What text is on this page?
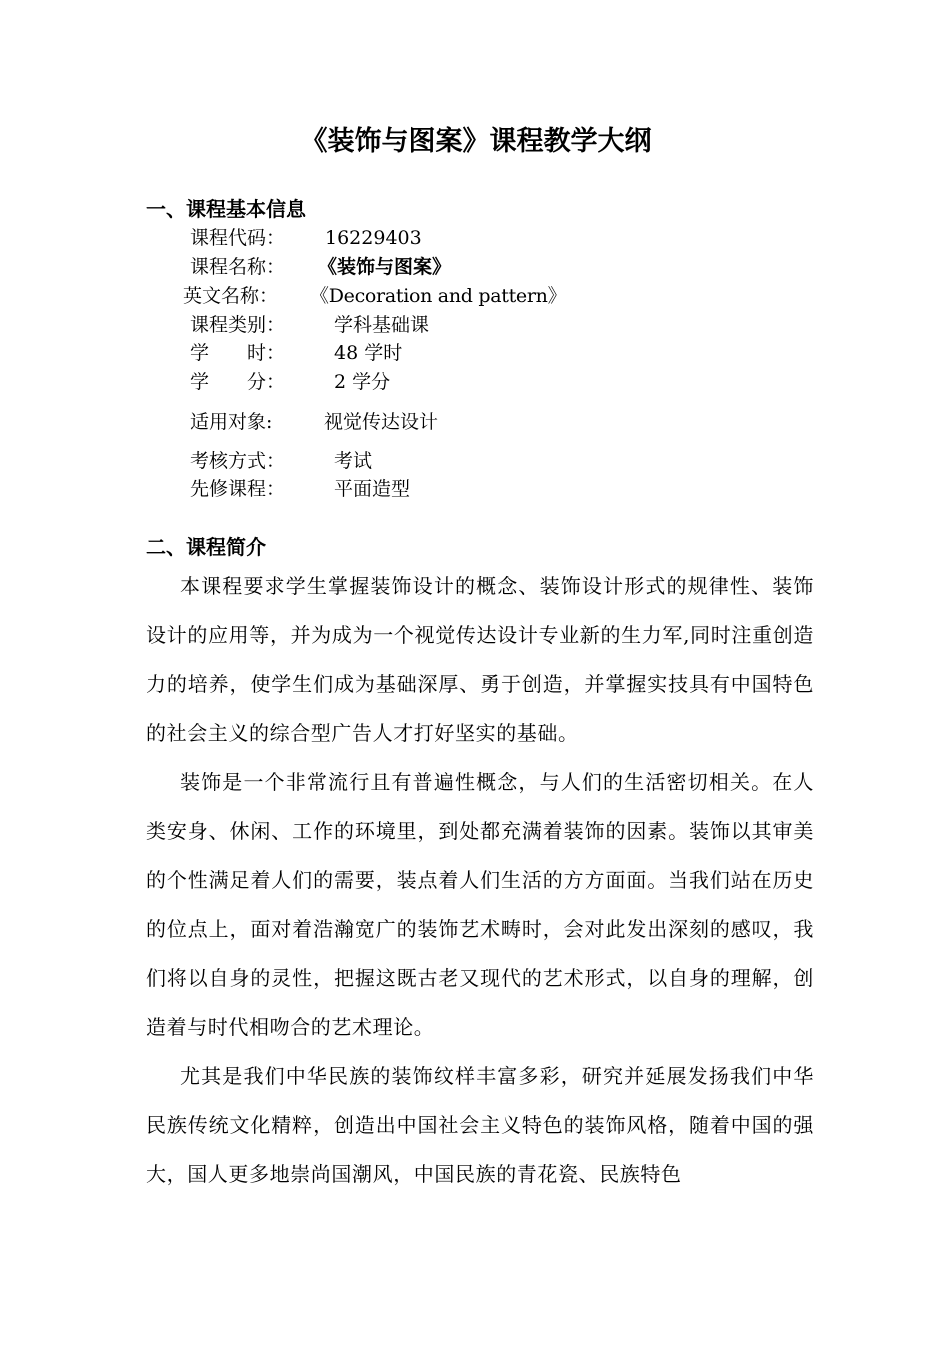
《装饰与图案》课程教学大纲
一、课程基本信息
课程代码： 16229403
课程名称： 《装饰与图案》
英文名称： 《Decoration and pattern》
课程类别：	学科基础课
学　　时：	48 学时
学　　分：	2 学分
适用对象:	视觉传达设计
考核方式：	考试
先修课程：	平面造型
二、课程简介

本课程要求学生掌握装饰设计的概念、装饰设计形式的规律性、装饰设计的应用等，并为成为一个视觉传达设计专业新的生力军,同时注重创造力的培养，使学生们成为基础深厚、勇于创造，并掌握实技具有中国特色的社会主义的综合型广告人才打好坚实的基础。

装饰是一个非常流行且有普遍性概念，与人们的生活密切相关。在人类安身、休闲、工作的环境里，到处都充满着装饰的因素。装饰以其审美的个性满足着人们的需要，装点着人们生活的方方面面。当我们站在历史的位点上，面对着浩瀚宽广的装饰艺术畴时，会对此发出深刻的感叹，我们将以自身的灵性，把握这既古老又现代的艺术形式，以自身的理解，创造着与时代相吻合的艺术理论。

尤其是我们中华民族的装饰纹样丰富多彩，研究并延展发扬我们中华民族传统文化精粹，创造出中国社会主义特色的装饰风格，随着中国的强大，国人更多地崇尚国潮风，中国民族的青花瓷、民族特色
